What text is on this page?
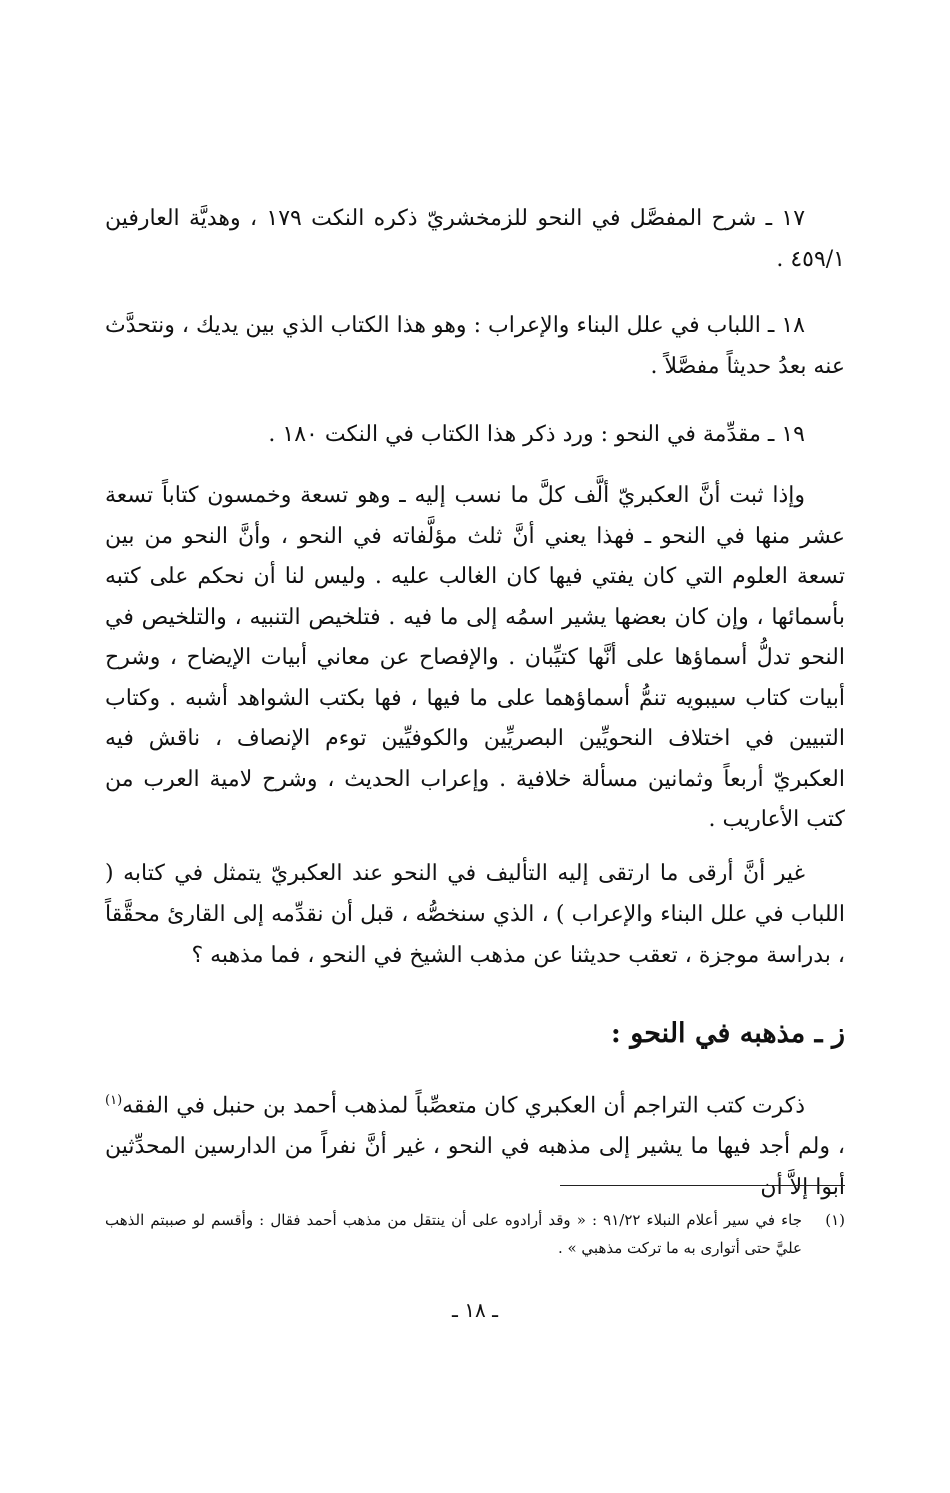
١٧ ـ شرح المفصَّل في النحو للزمخشريّ ذكره النكت ١٧٩ ، وهديَّة العارفين ٤٥٩/١ .

١٨ ـ اللباب في علل البناء والإعراب : وهو هذا الكتاب الذي بين يديك ، ونتحدَّث عنه بعدُ حديثاً مفصَّلاً .

١٩ ـ مقدِّمة في النحو : ورد ذكر هذا الكتاب في النكت ١٨٠ .

وإذا ثبت أنَّ العكبريّ ألَّف كلَّ ما نسب إليه ـ وهو تسعة وخمسون كتاباً تسعة عشر منها في النحو ـ فهذا يعني أنَّ ثلث مؤلَّفاته في النحو ، وأنَّ النحو من بين تسعة العلوم التي كان يفتي فيها كان الغالب عليه . وليس لنا أن نحكم على كتبه بأسمائها ، وإن كان بعضها يشير اسمُه إلى ما فيه . فتلخيص التنبيه ، والتلخيص في النحو تدلُّ أسماؤها على أنَّها كتيِّبان . والإفصاح عن معاني أبيات الإيضاح ، وشرح أبيات كتاب سيبويه تنمُّ أسماؤهما على ما فيها ، فها بكتب الشواهد أشبه . وكتاب التبيين في اختلاف النحويِّين البصريِّين والكوفيِّين توءم الإنصاف ، ناقش فيه العكبريّ أربعاً وثمانين مسألة خلافية . وإعراب الحديث ، وشرح لامية العرب من كتب الأعاريب .

غير أنَّ أرقى ما ارتقى إليه التأليف في النحو عند العكبريّ يتمثل في كتابه ( اللباب في علل البناء والإعراب ) ، الذي سنخصُّه ، قبل أن نقدِّمه إلى القارئ محقَّقاً ، بدراسة موجزة ، تعقب حديثنا عن مذهب الشيخ في النحو ، فما مذهبه ؟

ز ـ مذهبه في النحو :

ذكرت كتب التراجم أن العكبري كان متعصِّباً لمذهب أحمد بن حنبل في الفقه$^{(١)}$ ، ولم أجد فيها ما يشير إلى مذهبه في النحو ، غير أنَّ نفراً من الدارسين المحدِّثين أبوا إلاَّ أن

(١)
جاء في سير أعلام النبلاء ٩١/٢٢ : « وقد أرادوه على أن ينتقل من مذهب أحمد فقال : وأقسم لو صببتم الذهب عليَّ حتى أتوارى به ما تركت مذهبي » .
ـ ١٨ ـ
